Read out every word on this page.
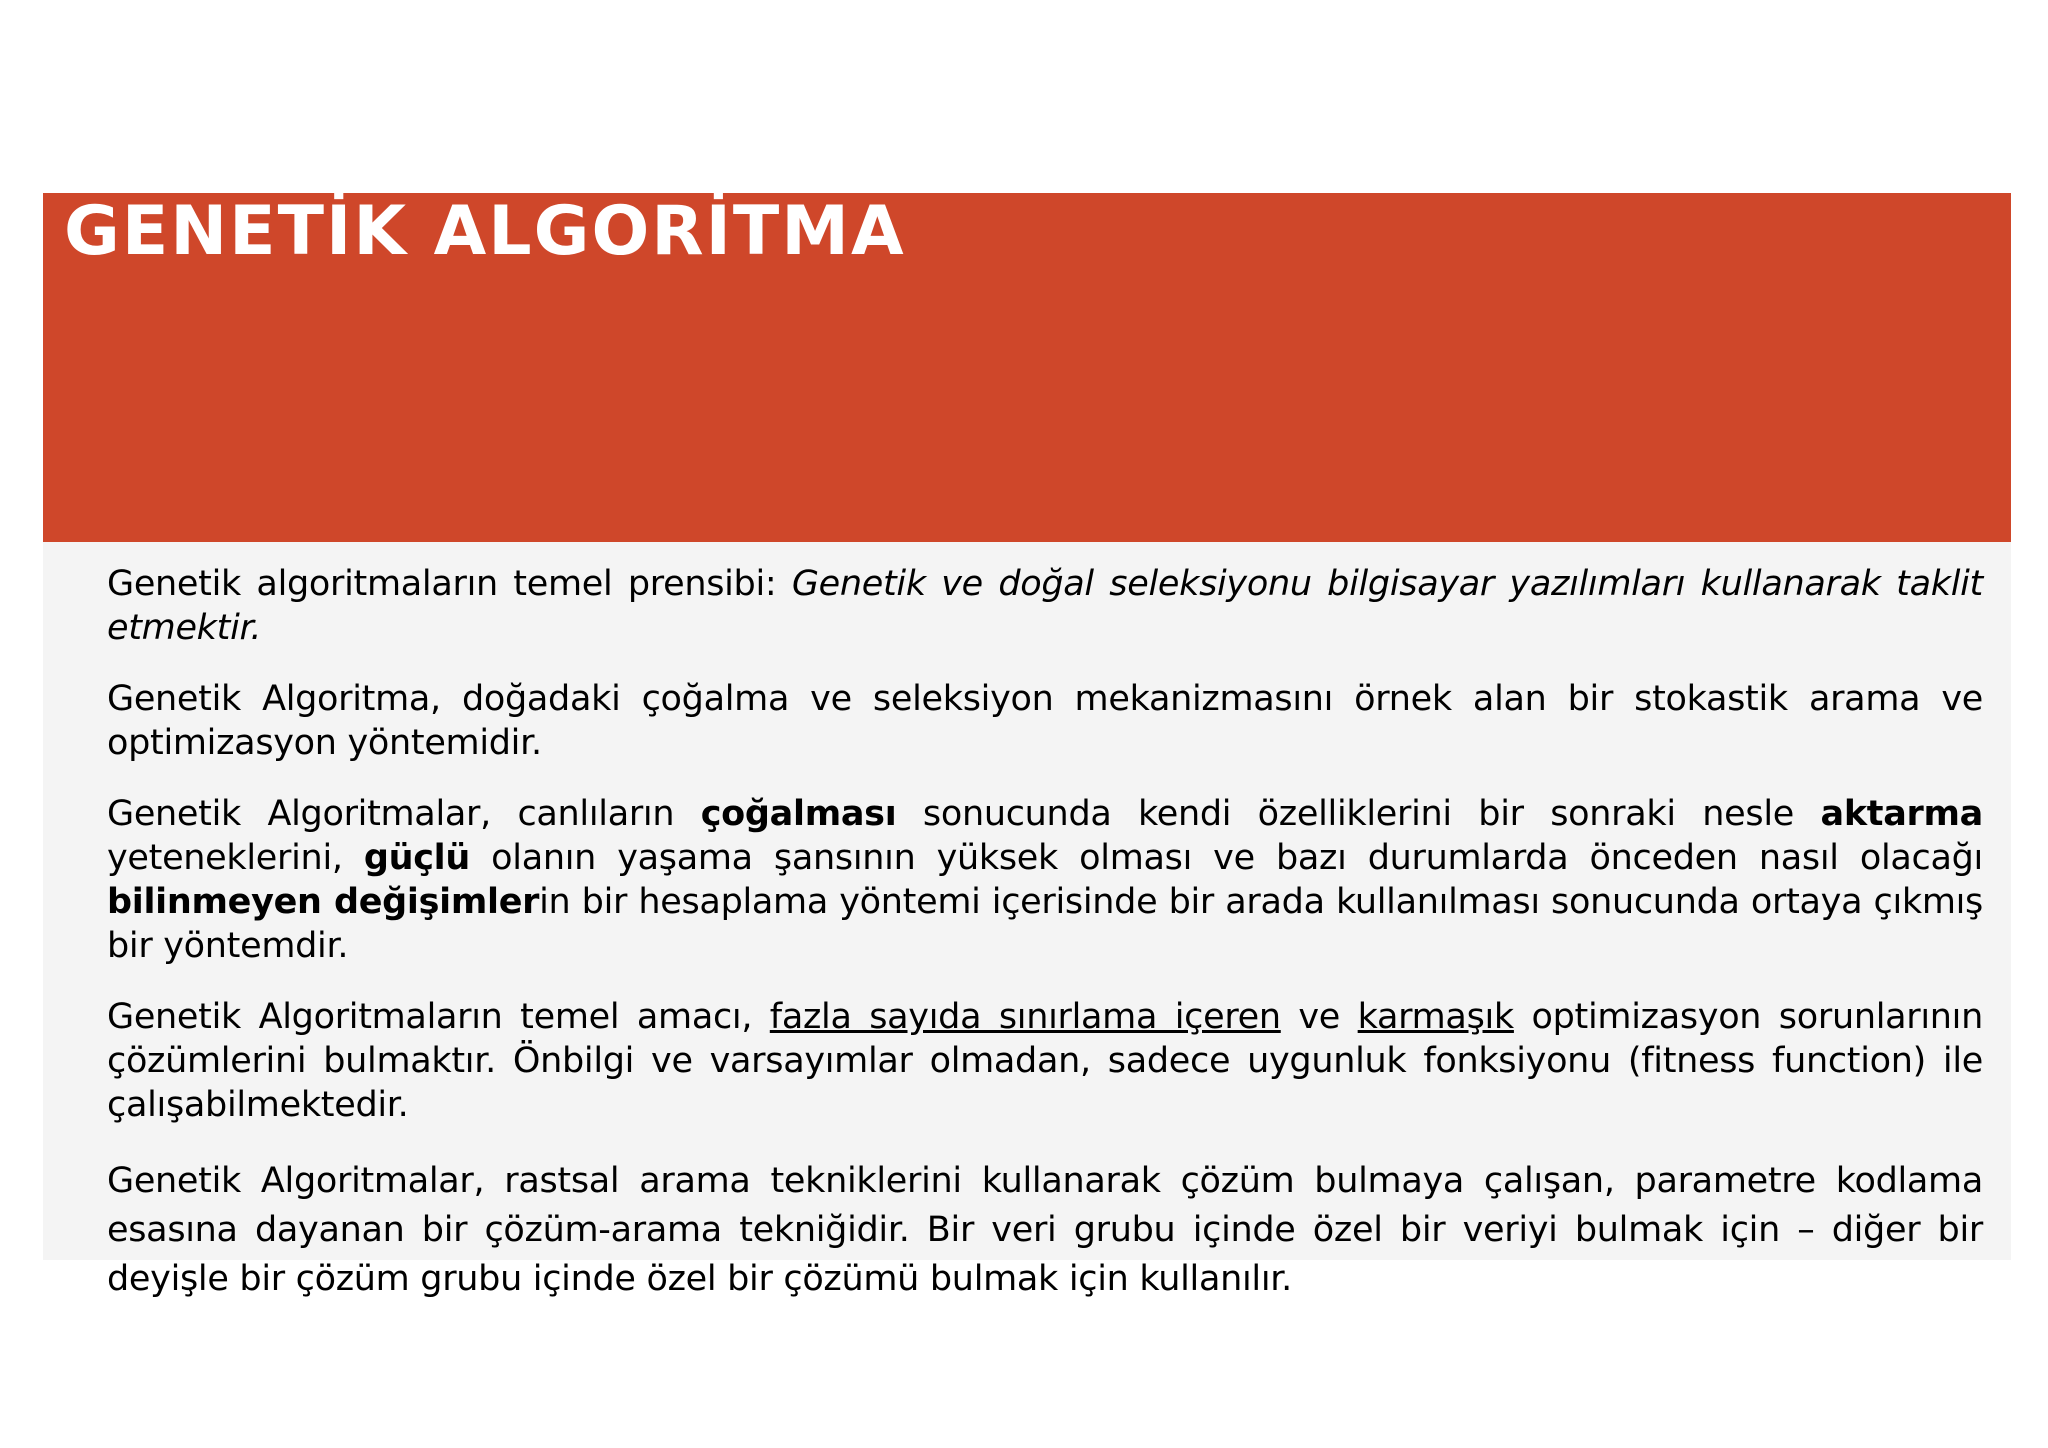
GENETİK ALGORİTMA

Genetik algoritmaların temel prensibi: Genetik ve doğal seleksiyonu bilgisayar yazılımları kullanarak taklit etmektir.

Genetik Algoritma, doğadaki çoğalma ve seleksiyon mekanizmasını örnek alan bir stokastik arama ve optimizasyon yöntemidir.

Genetik Algoritmalar, canlıların çoğalması sonucunda kendi özelliklerini bir sonraki nesle aktarma yeteneklerini, güçlü olanın yaşama şansının yüksek olması ve bazı durumlarda önceden nasıl olacağı bilinmeyen değişimlerin bir hesaplama yöntemi içerisinde bir arada kullanılması sonucunda ortaya çıkmış bir yöntemdir.

Genetik Algoritmaların temel amacı, fazla sayıda sınırlama içeren ve karmaşık optimizasyon sorunlarının çözümlerini bulmaktır. Önbilgi ve varsayımlar olmadan, sadece uygunluk fonksiyonu (fitness function) ile çalışabilmektedir.

Genetik Algoritmalar, rastsal arama tekniklerini kullanarak çözüm bulmaya çalışan, parametre kodlama esasına dayanan bir çözüm-arama tekniğidir. Bir veri grubu içinde özel bir veriyi bulmak için – diğer bir deyişle bir çözüm grubu içinde özel bir çözümü bulmak için kullanılır.
